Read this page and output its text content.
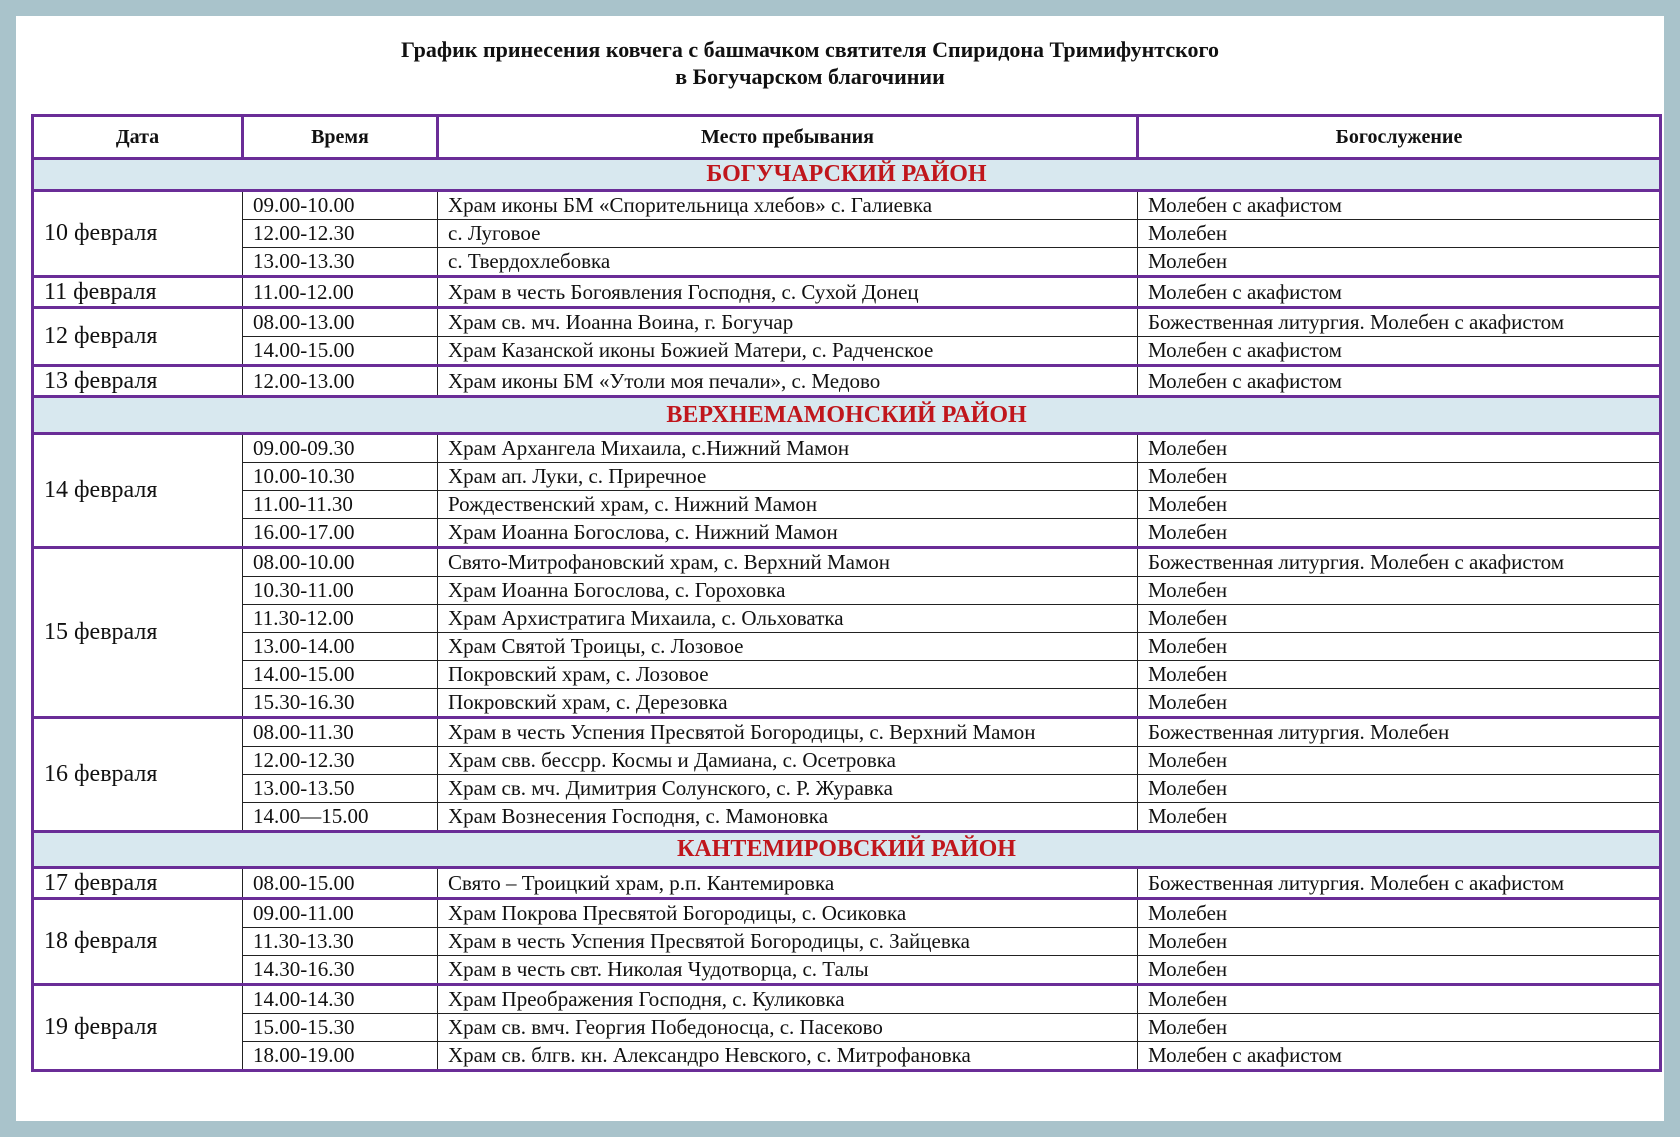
График принесения ковчега с башмачком святителя Спиридона Тримифунтского
в Богучарском благочинии
Дата	Время	Место пребывания	Богослужение
БОГУЧАРСКИЙ РАЙОН			
10 февраля	09.00-10.00	Храм иконы БМ «Спорительница хлебов» с. Галиевка	Молебен с акафистом
	12.00-12.30	с. Луговое	Молебен
	13.00-13.30	с. Твердохлебовка	Молебен
11 февраля	11.00-12.00	Храм в честь Богоявления Господня, с. Сухой Донец	Молебен с акафистом
12 февраля	08.00-13.00	Храм св. мч. Иоанна Воина, г. Богучар	Божественная литургия. Молебен с акафистом
	14.00-15.00	Храм Казанской иконы Божией Матери, с. Радченское	Молебен с акафистом
13 февраля	12.00-13.00	Храм иконы БМ «Утоли моя печали», с. Медово	Молебен с акафистом
ВЕРХНЕМАМОНСКИЙ РАЙОН			
14 февраля	09.00-09.30	Храм Архангела Михаила, с.Нижний Мамон	Молебен
	10.00-10.30	Храм ап. Луки, с. Приречное	Молебен
	11.00-11.30	Рождественский храм, с. Нижний Мамон	Молебен
	16.00-17.00	Храм Иоанна Богослова, с. Нижний Мамон	Молебен
15 февраля	08.00-10.00	Свято-Митрофановский храм, с. Верхний Мамон	Божественная литургия. Молебен с акафистом
	10.30-11.00	Храм Иоанна Богослова, с. Гороховка	Молебен
	11.30-12.00	Храм Архистратига Михаила, с. Ольховатка	Молебен
	13.00-14.00	Храм Святой Троицы, с. Лозовое	Молебен
	14.00-15.00	Покровский храм, с. Лозовое	Молебен
	15.30-16.30	Покровский храм, с. Дерезовка	Молебен
16 февраля	08.00-11.30	Храм в честь Успения Пресвятой Богородицы, с. Верхний Мамон	Божественная литургия. Молебен
	12.00-12.30	Храм свв. бессрр. Космы и Дамиана, с. Осетровка	Молебен
	13.00-13.50	Храм св. мч. Димитрия Солунского, с. Р. Журавка	Молебен
	14.00—15.00	Храм Вознесения Господня, с. Мамоновка	Молебен
КАНТЕМИРОВСКИЙ РАЙОН			
17 февраля	08.00-15.00	Свято – Троицкий храм, р.п. Кантемировка	Божественная литургия. Молебен с акафистом
18 февраля	09.00-11.00	Храм Покрова Пресвятой Богородицы, с. Осиковка	Молебен
	11.30-13.30	Храм в честь Успения Пресвятой Богородицы, с. Зайцевка	Молебен
	14.30-16.30	Храм в честь свт. Николая Чудотворца, с. Талы	Молебен
19 февраля	14.00-14.30	Храм Преображения Господня, с. Куликовка	Молебен
	15.00-15.30	Храм св. вмч. Георгия Победоносца, с. Пасеково	Молебен
	18.00-19.00	Храм св. блгв. кн. Александро Невского, с. Митрофановка	Молебен с акафистом
